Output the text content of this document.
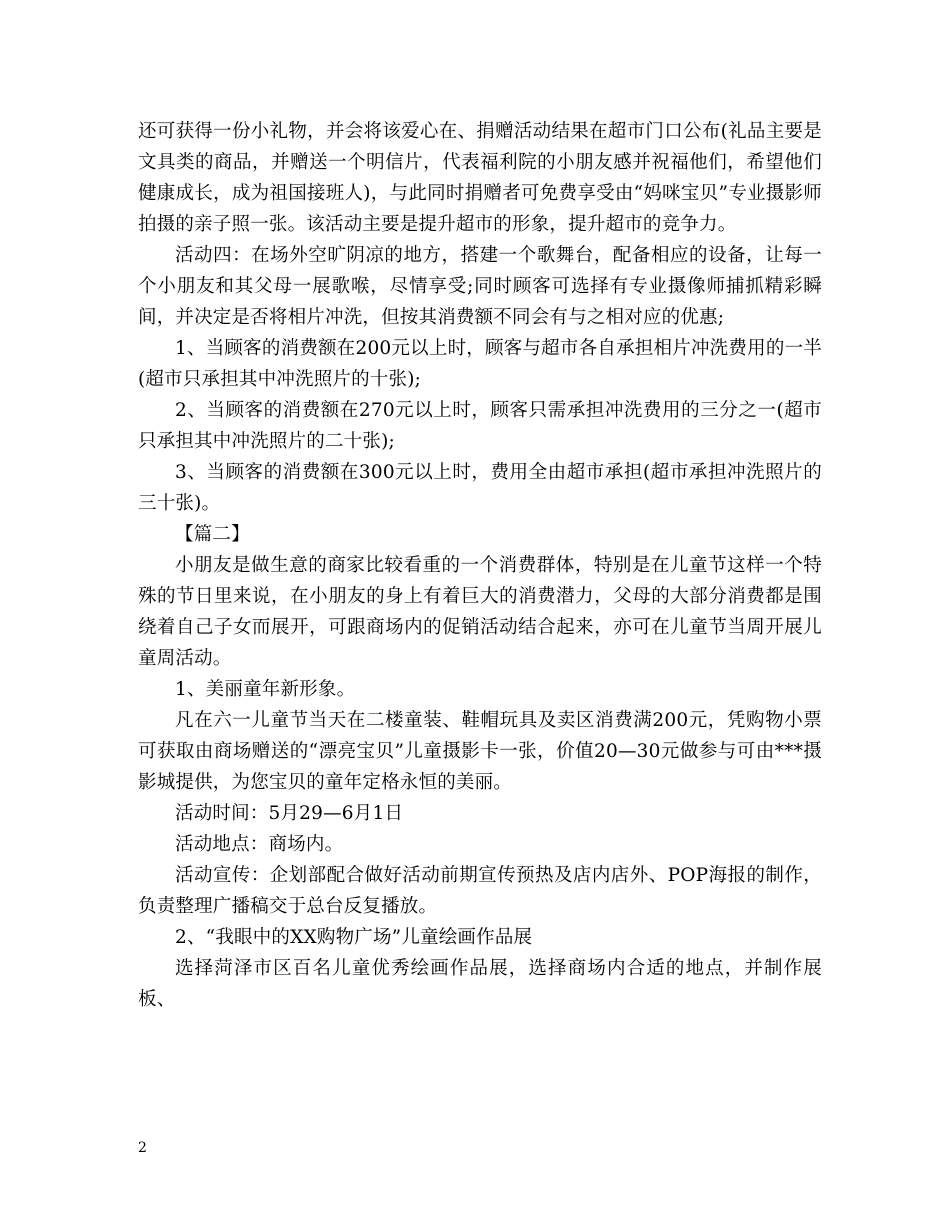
还可获得一份小礼物，并会将该爱心在、捐赠活动结果在超市门口公布(礼品主要是文具类的商品，并赠送一个明信片，代表福利院的小朋友感并祝福他们，希望他们健康成长，成为祖国接班人)，与此同时捐赠者可免费享受由“妈咪宝贝”专业摄影师拍摄的亲子照一张。该活动主要是提升超市的形象，提升超市的竞争力。

活动四：在场外空旷阴凉的地方，搭建一个歌舞台，配备相应的设备，让每一个小朋友和其父母一展歌喉，尽情享受;同时顾客可选择有专业摄像师捕抓精彩瞬间，并决定是否将相片冲洗，但按其消费额不同会有与之相对应的优惠;

1、当顾客的消费额在200元以上时，顾客与超市各自承担相片冲洗费用的一半(超市只承担其中冲洗照片的十张);

2、当顾客的消费额在270元以上时，顾客只需承担冲洗费用的三分之一(超市只承担其中冲洗照片的二十张);

3、当顾客的消费额在300元以上时，费用全由超市承担(超市承担冲洗照片的三十张)。

【篇二】

小朋友是做生意的商家比较看重的一个消费群体，特别是在儿童节这样一个特殊的节日里来说，在小朋友的身上有着巨大的消费潜力，父母的大部分消费都是围绕着自己子女而展开，可跟商场内的促销活动结合起来，亦可在儿童节当周开展儿童周活动。

1、美丽童年新形象。

凡在六一儿童节当天在二楼童装、鞋帽玩具及卖区消费满200元，凭购物小票可获取由商场赠送的“漂亮宝贝”儿童摄影卡一张，价值20—30元做参与可由***摄影城提供，为您宝贝的童年定格永恒的美丽。

活动时间：5月29—6月1日

活动地点：商场内。

活动宣传：企划部配合做好活动前期宣传预热及店内店外、POP海报的制作，负责整理广播稿交于总台反复播放。

2、“我眼中的XX购物广场”儿童绘画作品展

选择菏泽市区百名儿童优秀绘画作品展，选择商场内合适的地点，并制作展板、

2
